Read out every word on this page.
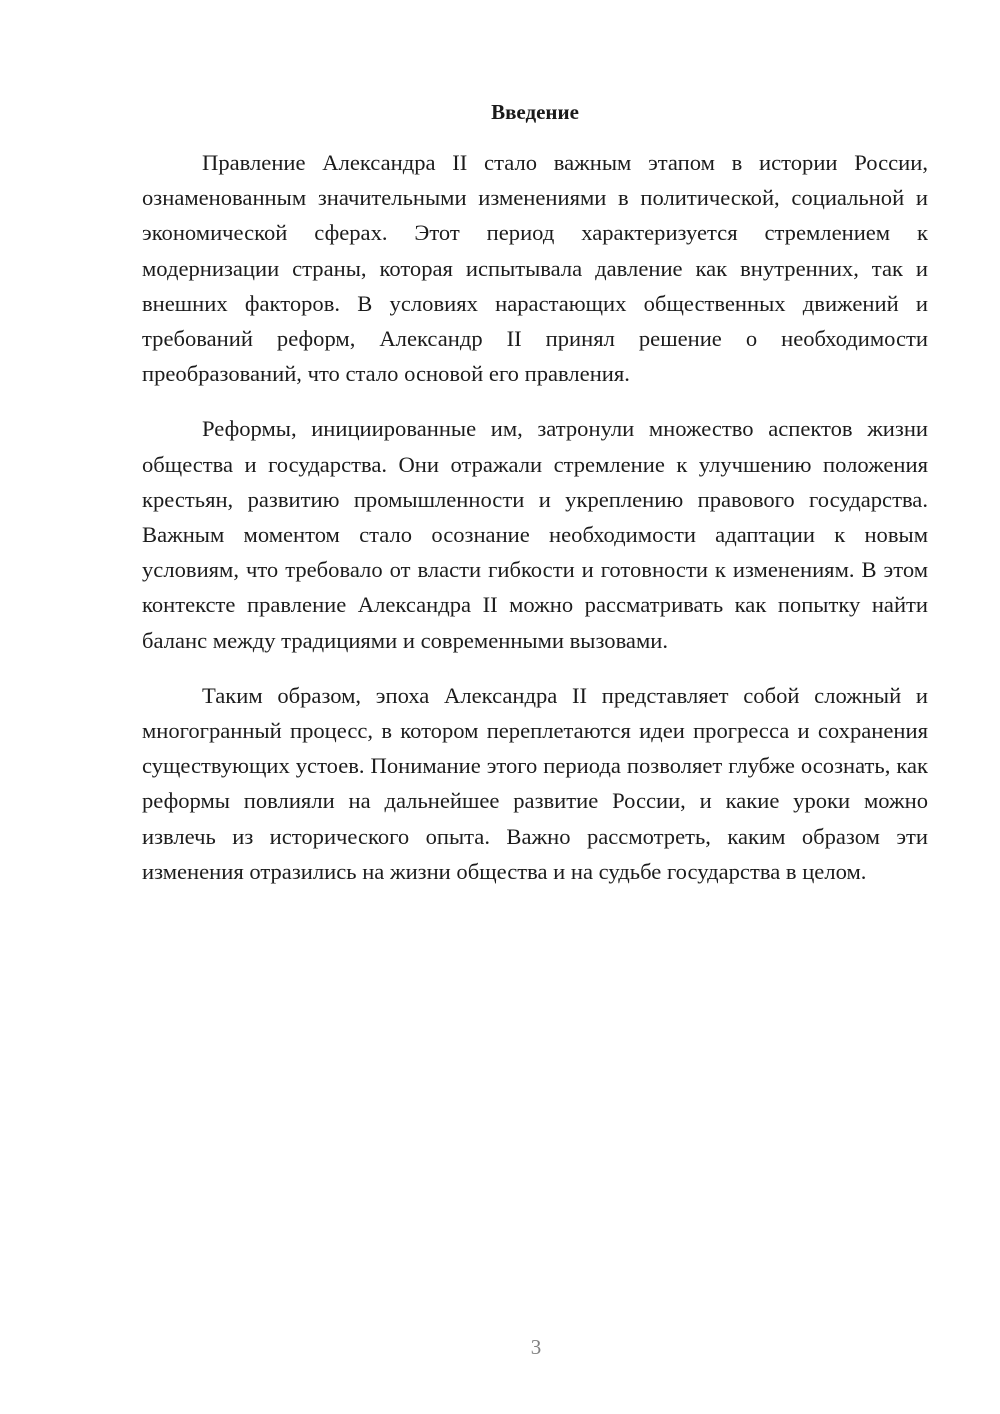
Введение

Правление Александра II стало важным этапом в истории России, ознаменованным значительными изменениями в политической, социальной и экономической сферах. Этот период характеризуется стремлением к модернизации страны, которая испытывала давление как внутренних, так и внешних факторов. В условиях нарастающих общественных движений и требований реформ, Александр II принял решение о необходимости преобразований, что стало основой его правления.

Реформы, инициированные им, затронули множество аспектов жизни общества и государства. Они отражали стремление к улучшению положения крестьян, развитию промышленности и укреплению правового государства. Важным моментом стало осознание необходимости адаптации к новым условиям, что требовало от власти гибкости и готовности к изменениям. В этом контексте правление Александра II можно рассматривать как попытку найти баланс между традициями и современными вызовами.

Таким образом, эпоха Александра II представляет собой сложный и многогранный процесс, в котором переплетаются идеи прогресса и сохранения существующих устоев. Понимание этого периода позволяет глубже осознать, как реформы повлияли на дальнейшее развитие России, и какие уроки можно извлечь из исторического опыта. Важно рассмотреть, каким образом эти изменения отразились на жизни общества и на судьбе государства в целом.

3
